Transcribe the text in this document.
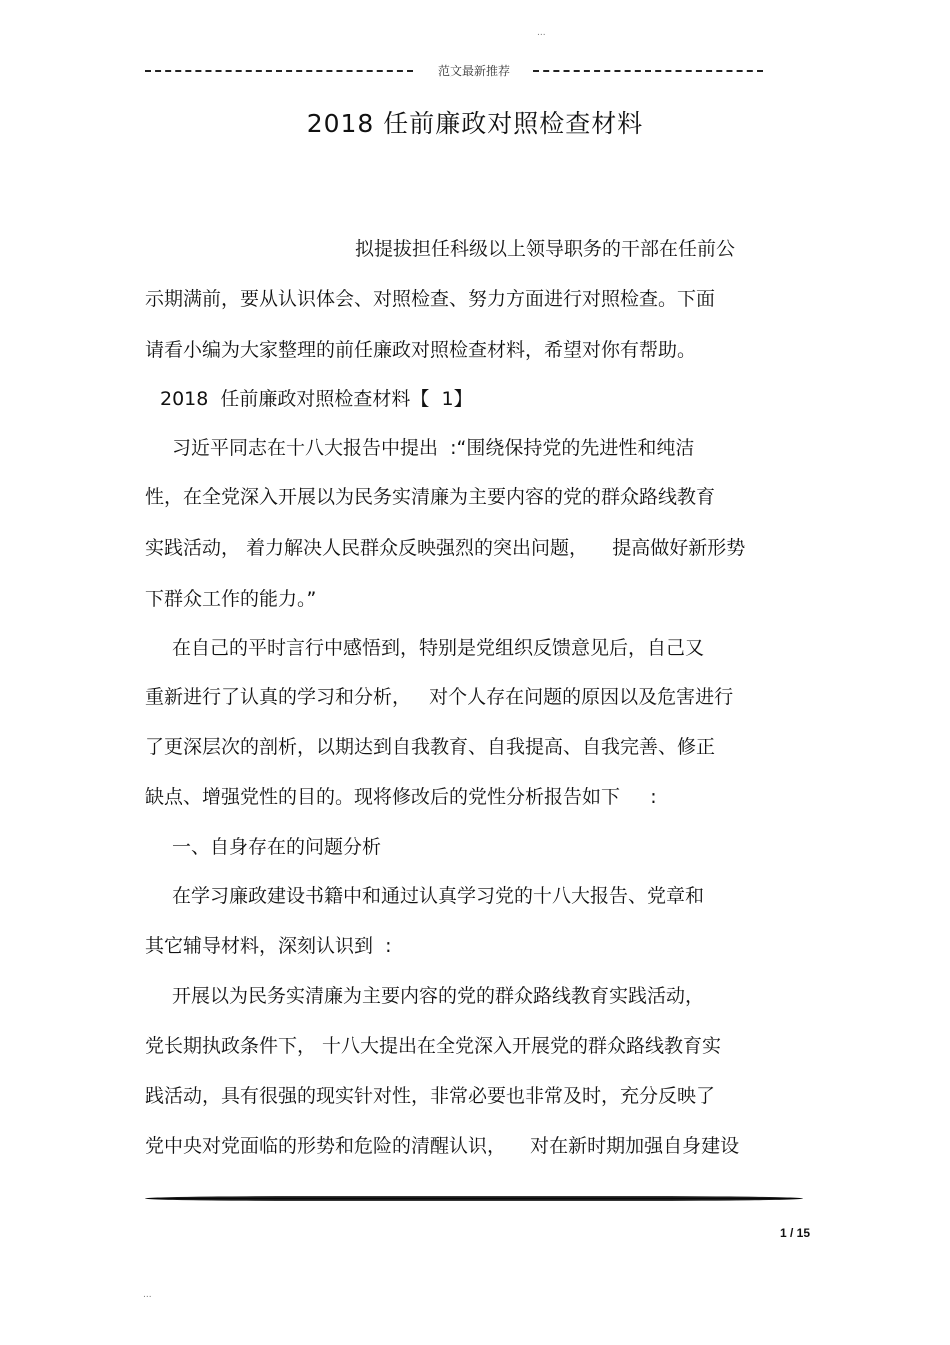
...
范文最新推荐
2018 任前廉政对照检查材料
拟提拔担任科级以上领导职务的干部在任前公
示期满前，要从认识体会、对照检查、努力方面进行对照检查。下面
请看小编为大家整理的前任廉政对照检查材料，希望对你有帮助。
2018  任前廉政对照检查材料【  1】
习近平同志在十八大报告中提出  :“围绕保持党的先进性和纯洁
性，在全党深入开展以为民务实清廉为主要内容的党的群众路线教育
实践活动， 着力解决人民群众反映强烈的突出问题，    提高做好新形势
下群众工作的能力。”
在自己的平时言行中感悟到，特别是党组织反馈意见后，自己又
重新进行了认真的学习和分析，   对个人存在问题的原因以及危害进行
了更深层次的剖析，以期达到自我教育、自我提高、自我完善、修正
缺点、增强党性的目的。现将修改后的党性分析报告如下     :
一、自身存在的问题分析
在学习廉政建设书籍中和通过认真学习党的十八大报告、党章和
其它辅导材料，深刻认识到  :
开展以为民务实清廉为主要内容的党的群众路线教育实践活动，
党长期执政条件下， 十八大提出在全党深入开展党的群众路线教育实
践活动，具有很强的现实针对性，非常必要也非常及时，充分反映了
党中央对党面临的形势和危险的清醒认识，    对在新时期加强自身建设
1 / 15
...
